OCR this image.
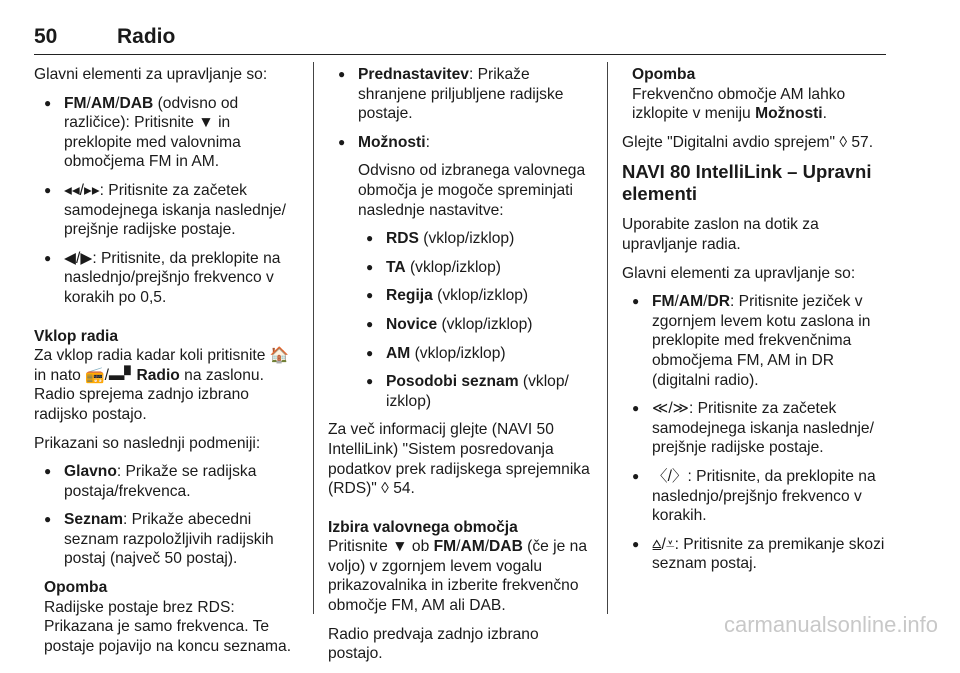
50	Radio

Glavni elementi za upravljanje so:

● FM/AM/DAB (odvisno od različice): Pritisnite ▼ in preklopite med valovnima območjema FM in AM.
● ◂◂/▸▸: Pritisnite za začetek samodejnega iskanja naslednje/ prejšnje radijske postaje.
● ◀/▶: Pritisnite, da preklopite na naslednjo/prejšnjo frekvenco v korakih po 0,5.

Vklop radia

Za vklop radia kadar koli pritisnite 🏠 in nato 📻/▬▘Radio na zaslonu. Radio sprejema zadnjo izbrano radijsko postajo.

Prikazani so naslednji podmeniji:

● Glavno: Prikaže se radijska postaja/frekvenca.
● Seznam: Prikaže abecedni seznam razpoložljivih radijskih postaj (največ 50 postaj).
Opomba
Radijske postaje brez RDS: Prikazana je samo frekvenca. Te postaje pojavijo na koncu seznama.
● Prednastavitev: Prikaže shranjene priljubljene radijske postaje.
● Možnosti:
Odvisno od izbranega valovnega območja je mogoče spreminjati naslednje nastavitve:
● RDS (vklop/izklop)
● TA (vklop/izklop)
● Regija (vklop/izklop)
● Novice (vklop/izklop)
● AM (vklop/izklop)
● Posodobi seznam (vklop/ izklop)

Za več informacij glejte (NAVI 50 IntelliLink) "Sistem posredovanja podatkov prek radijskega sprejemnika (RDS)" ◊ 54.

Izbira valovnega območja

Pritisnite ▼ ob FM/AM/DAB (če je na voljo) v zgornjem levem vogalu prikazovalnika in izberite frekvenčno območje FM, AM ali DAB.

Radio predvaja zadnjo izbrano postajo.

Opomba
Frekvenčno območje AM lahko izklopite v meniju Možnosti.

Glejte "Digitalni avdio sprejem" ◊ 57.

NAVI 80 IntelliLink – Upravni elementi

Uporabite zaslon na dotik za upravljanje radia.

Glavni elementi za upravljanje so:

● FM/AM/DR: Pritisnite jeziček v zgornjem levem kotu zaslona in preklopite med frekvenčnima območjema FM, AM in DR (digitalni radio).
● ≪/≫: Pritisnite za začetek samodejnega iskanja naslednje/ prejšnje radijske postaje.
● 〈/〉: Pritisnite, da preklopite na naslednjo/prejšnjo frekvenco v korakih.
● ⩠/⩡: Pritisnite za premikanje skozi seznam postaj.
carmanualsonline.info
